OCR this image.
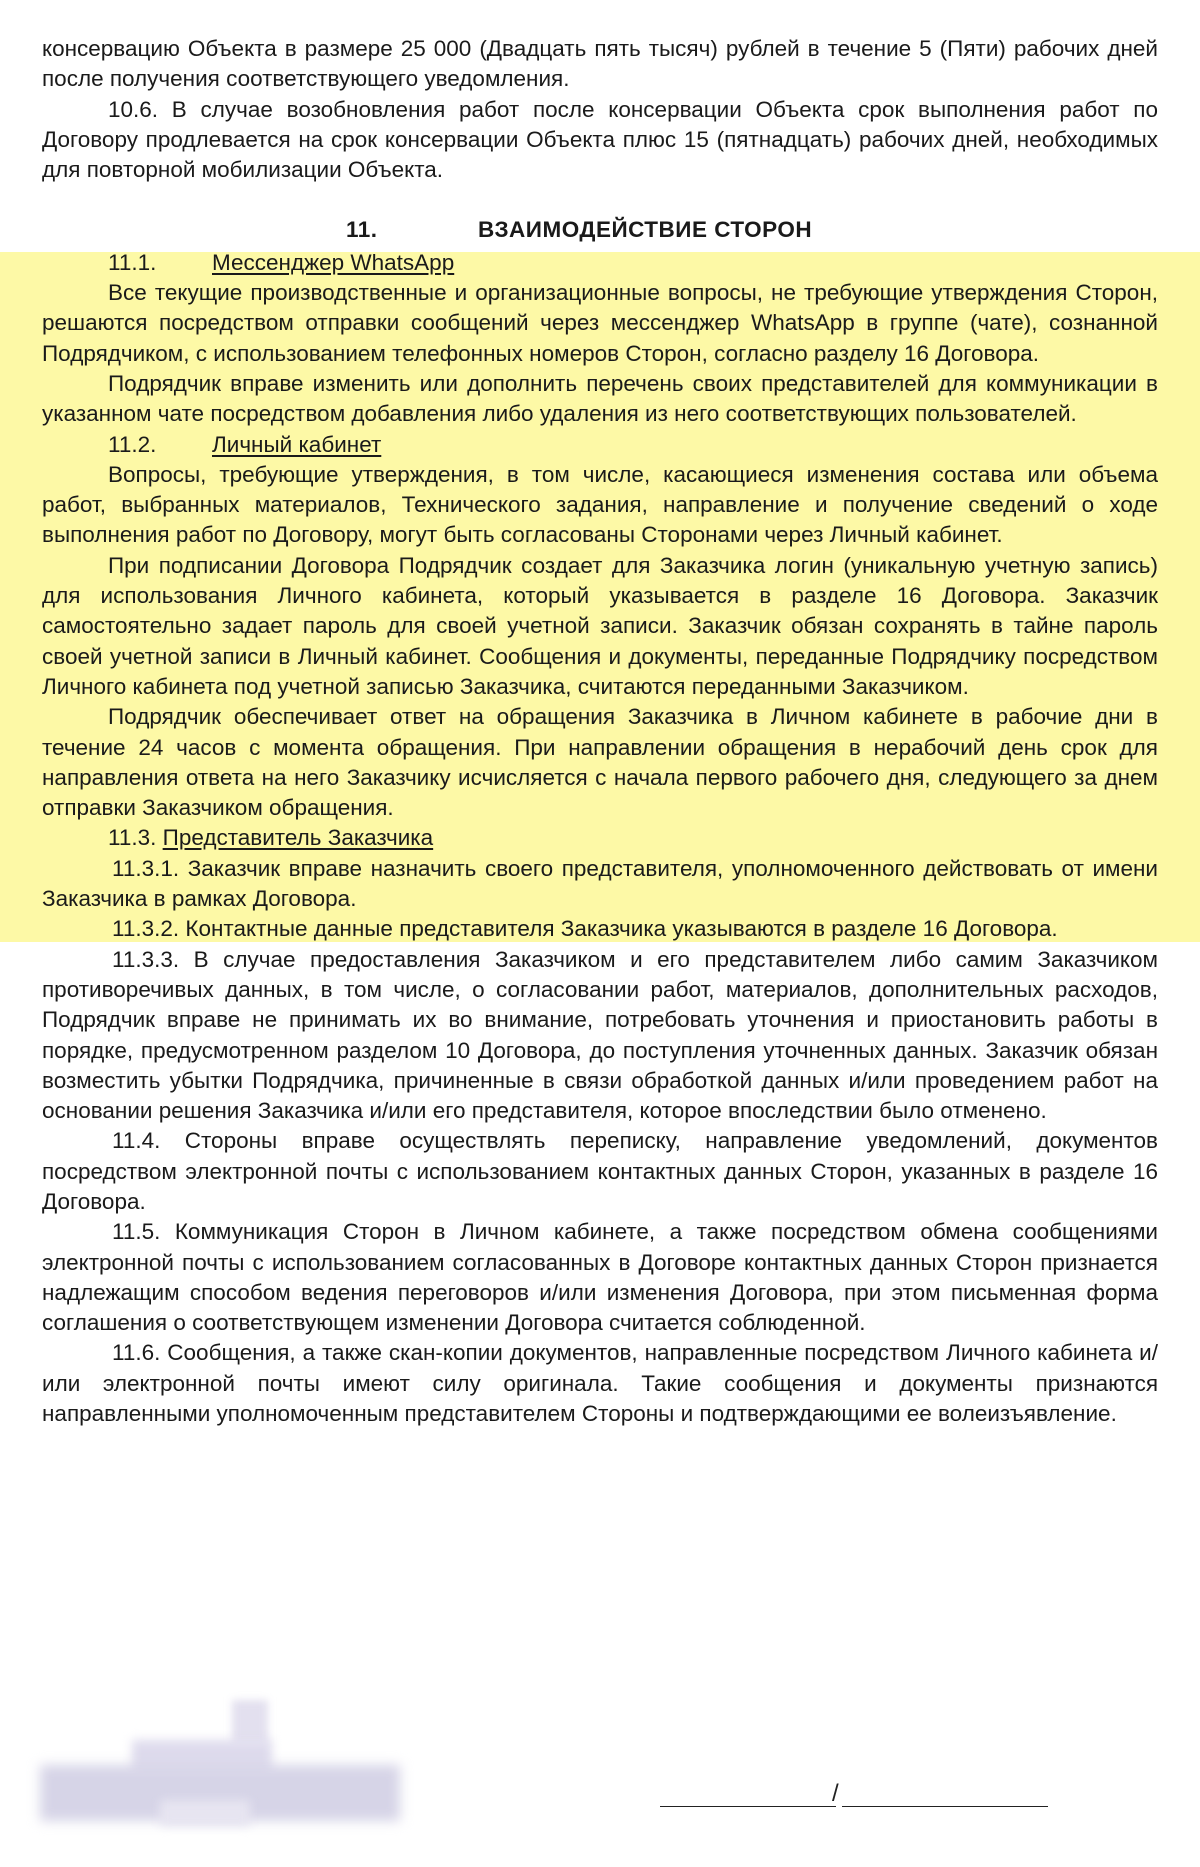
консервацию Объекта в размере 25 000 (Двадцать пять тысяч) рублей в течение 5 (Пяти) рабочих дней после получения соответствующего уведомления.

10.6. В случае возобновления работ после консервации Объекта срок выполнения работ по Договору продлевается на срок консервации Объекта плюс 15 (пятнадцать) рабочих дней, необходимых для повторной мобилизации Объекта.

11.	ВЗАИМОДЕЙСТВИЕ СТОРОН

11.1. Мессенджер WhatsApp

Все текущие производственные и организационные вопросы, не требующие утверждения Сторон, решаются посредством отправки сообщений через мессенджер WhatsApp в группе (чате), сознанной Подрядчиком, с использованием телефонных номеров Сторон, согласно разделу 16 Договора.

Подрядчик вправе изменить или дополнить перечень своих представителей для коммуникации в указанном чате посредством добавления либо удаления из него соответствующих пользователей.

11.2. Личный кабинет

Вопросы, требующие утверждения, в том числе, касающиеся изменения состава или объема работ, выбранных материалов, Технического задания, направление и получение сведений о ходе выполнения работ по Договору, могут быть согласованы Сторонами через Личный кабинет.

При подписании Договора Подрядчик создает для Заказчика логин (уникальную учетную запись) для использования Личного кабинета, который указывается в разделе 16 Договора. Заказчик самостоятельно задает пароль для своей учетной записи. Заказчик обязан сохранять в тайне пароль своей учетной записи в Личный кабинет. Сообщения и документы, переданные Подрядчику посредством Личного кабинета под учетной записью Заказчика, считаются переданными Заказчиком.

Подрядчик обеспечивает ответ на обращения Заказчика в Личном кабинете в рабочие дни в течение 24 часов с момента обращения. При направлении обращения в нерабочий день срок для направления ответа на него Заказчику исчисляется с начала первого рабочего дня, следующего за днем отправки Заказчиком обращения.

11.3. Представитель Заказчика

11.3.1. Заказчик вправе назначить своего представителя, уполномоченного действовать от имени Заказчика в рамках Договора.

11.3.2. Контактные данные представителя Заказчика указываются в разделе 16 Договора.

11.3.3. В случае предоставления Заказчиком и его представителем либо самим Заказчиком противоречивых данных, в том числе, о согласовании работ, материалов, дополнительных расходов, Подрядчик вправе не принимать их во внимание, потребовать уточнения и приостановить работы в порядке, предусмотренном разделом 10 Договора, до поступления уточненных данных. Заказчик обязан возместить убытки Подрядчика, причиненные в связи обработкой данных и/или проведением работ на основании решения Заказчика и/или его представителя, которое впоследствии было отменено.

11.4. Стороны вправе осуществлять переписку, направление уведомлений, документов посредством электронной почты с использованием контактных данных Сторон, указанных в разделе 16 Договора.

11.5. Коммуникация Сторон в Личном кабинете, а также посредством обмена сообщениями электронной почты с использованием согласованных в Договоре контактных данных Сторон признается надлежащим способом ведения переговоров и/или изменения Договора, при этом письменная форма соглашения о соответствующем изменении Договора считается соблюденной.

11.6. Сообщения, а также скан-копии документов, направленные посредством Личного кабинета и/или электронной почты имеют силу оригинала. Такие сообщения и документы признаются направленными уполномоченным представителем Стороны и подтверждающими ее волеизъявление.

/
